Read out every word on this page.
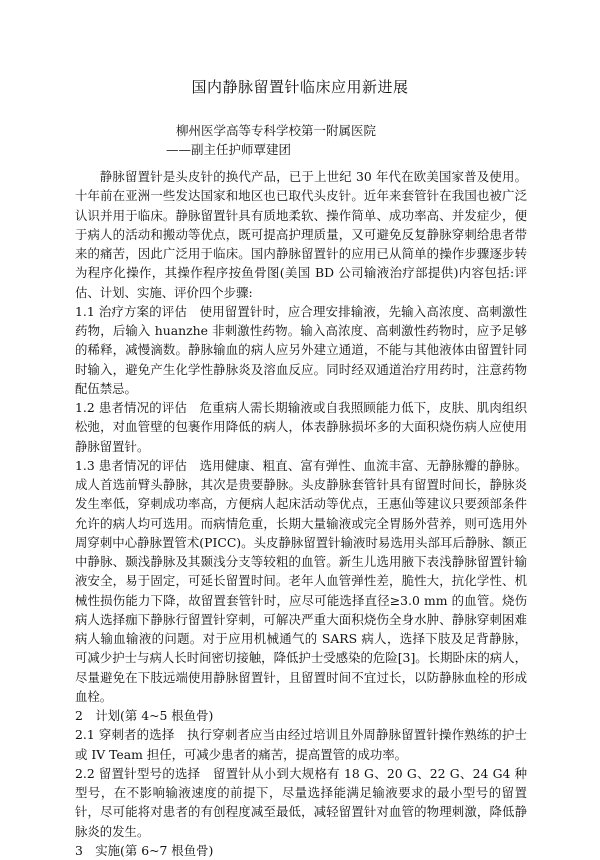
国内静脉留置针临床应用新进展
柳州医学高等专科学校第一附属医院
——副主任护师覃建团

静脉留置针是头皮针的换代产品，已于上世纪 30 年代在欧美国家普及使用。十年前在亚洲一些发达国家和地区也已取代头皮针。近年来套管针在我国也被广泛认识并用于临床。静脉留置针具有质地柔软、操作简单、成功率高、并发症少，便于病人的活动和搬动等优点，既可提高护理质量，又可避免反复静脉穿刺给患者带来的痛苦，因此广泛用于临床。国内静脉留置针的应用已从简单的操作步骤逐步转为程序化操作，其操作程序按鱼骨图(美国 BD 公司输液治疗部提供)内容包括:评估、计划、实施、评价四个步骤:

1.1 治疗方案的评估　使用留置针时，应合理安排输液，先输入高浓度、高刺激性药物，后输入 huanzhe 非刺激性药物。输入高浓度、高刺激性药物时，应予足够的稀释，减慢滴数。静脉输血的病人应另外建立通道，不能与其他液体由留置针同时输入，避免产生化学性静脉炎及溶血反应。同时经双通道治疗用药时，注意药物配伍禁忌。

1.2 患者情况的评估　危重病人需长期输液或自我照顾能力低下，皮肤、肌肉组织松弛，对血管壁的包裹作用降低的病人，体表静脉损坏多的大面积烧伤病人应使用静脉留置针。

1.3 患者情况的评估　选用健康、粗直、富有弹性、血流丰富、无静脉瓣的静脉。成人首选前臂头静脉，其次是贵要静脉。头皮静脉套管针具有留置时间长，静脉炎发生率低，穿刺成功率高，方便病人起床活动等优点，王惠仙等建议只要颈部条件允许的病人均可选用。而病情危重，长期大量输液或完全胃肠外营养，则可选用外周穿刺中心静脉置管术(PICC)。头皮静脉留置针输液时易选用头部耳后静脉、额正中静脉、颞浅静脉及其颞浅分支等较粗的血管。新生儿选用腋下表浅静脉留置针输液安全，易于固定，可延长留置时间。老年人血管弹性差，脆性大，抗化学性、机械性损伤能力下降，故留置套管针时，应尽可能选择直径≥3.0 mm 的血管。烧伤病人选择痂下静脉行留置针穿刺，可解决严重大面积烧伤全身水肿、静脉穿刺困难病人输血输液的问题。对于应用机械通气的 SARS 病人，选择下肢及足背静脉，可减少护士与病人长时间密切接触，降低护士受感染的危险[3]。长期卧床的病人，尽量避免在下肢远端使用静脉留置针，且留置时间不宜过长，以防静脉血栓的形成血栓。

2　计划(第 4~5 根鱼骨)

2.1 穿刺者的选择　执行穿刺者应当由经过培训且外周静脉留置针操作熟练的护士或 IV Team 担任，可减少患者的痛苦，提高置管的成功率。

2.2 留置针型号的选择　留置针从小到大规格有 18 G、20 G、22 G、24 G4 种型号，在不影响输液速度的前提下，尽量选择能满足输液要求的最小型号的留置针，尽可能将对患者的有创程度减至最低，减轻留置针对血管的物理刺激，降低静脉炎的发生。

3　实施(第 6~7 根鱼骨)
